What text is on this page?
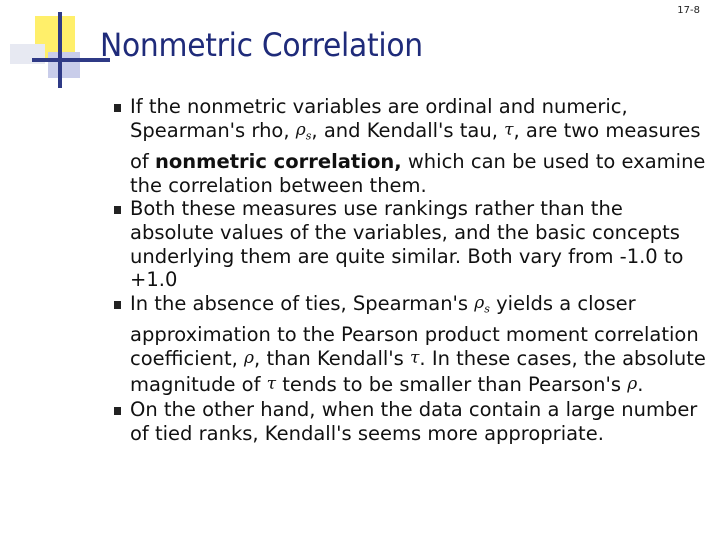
17-8
Nonmetric Correlation
If the nonmetric variables are ordinal and numeric, Spearman's rho, $\rho_s$, and Kendall's tau, τ, are two measures of nonmetric correlation, which can be used to examine the correlation between them.
Both these measures use rankings rather than the absolute values of the variables, and the basic concepts underlying them are quite similar. Both vary from -1.0 to +1.0
In the absence of ties, Spearman's $\rho_s$ yields a closer approximation to the Pearson product moment correlation coefficient, ρ, than Kendall's τ. In these cases, the absolute magnitude of τ tends to be smaller than Pearson's ρ.
On the other hand, when the data contain a large number of tied ranks, Kendall's seems more appropriate.
